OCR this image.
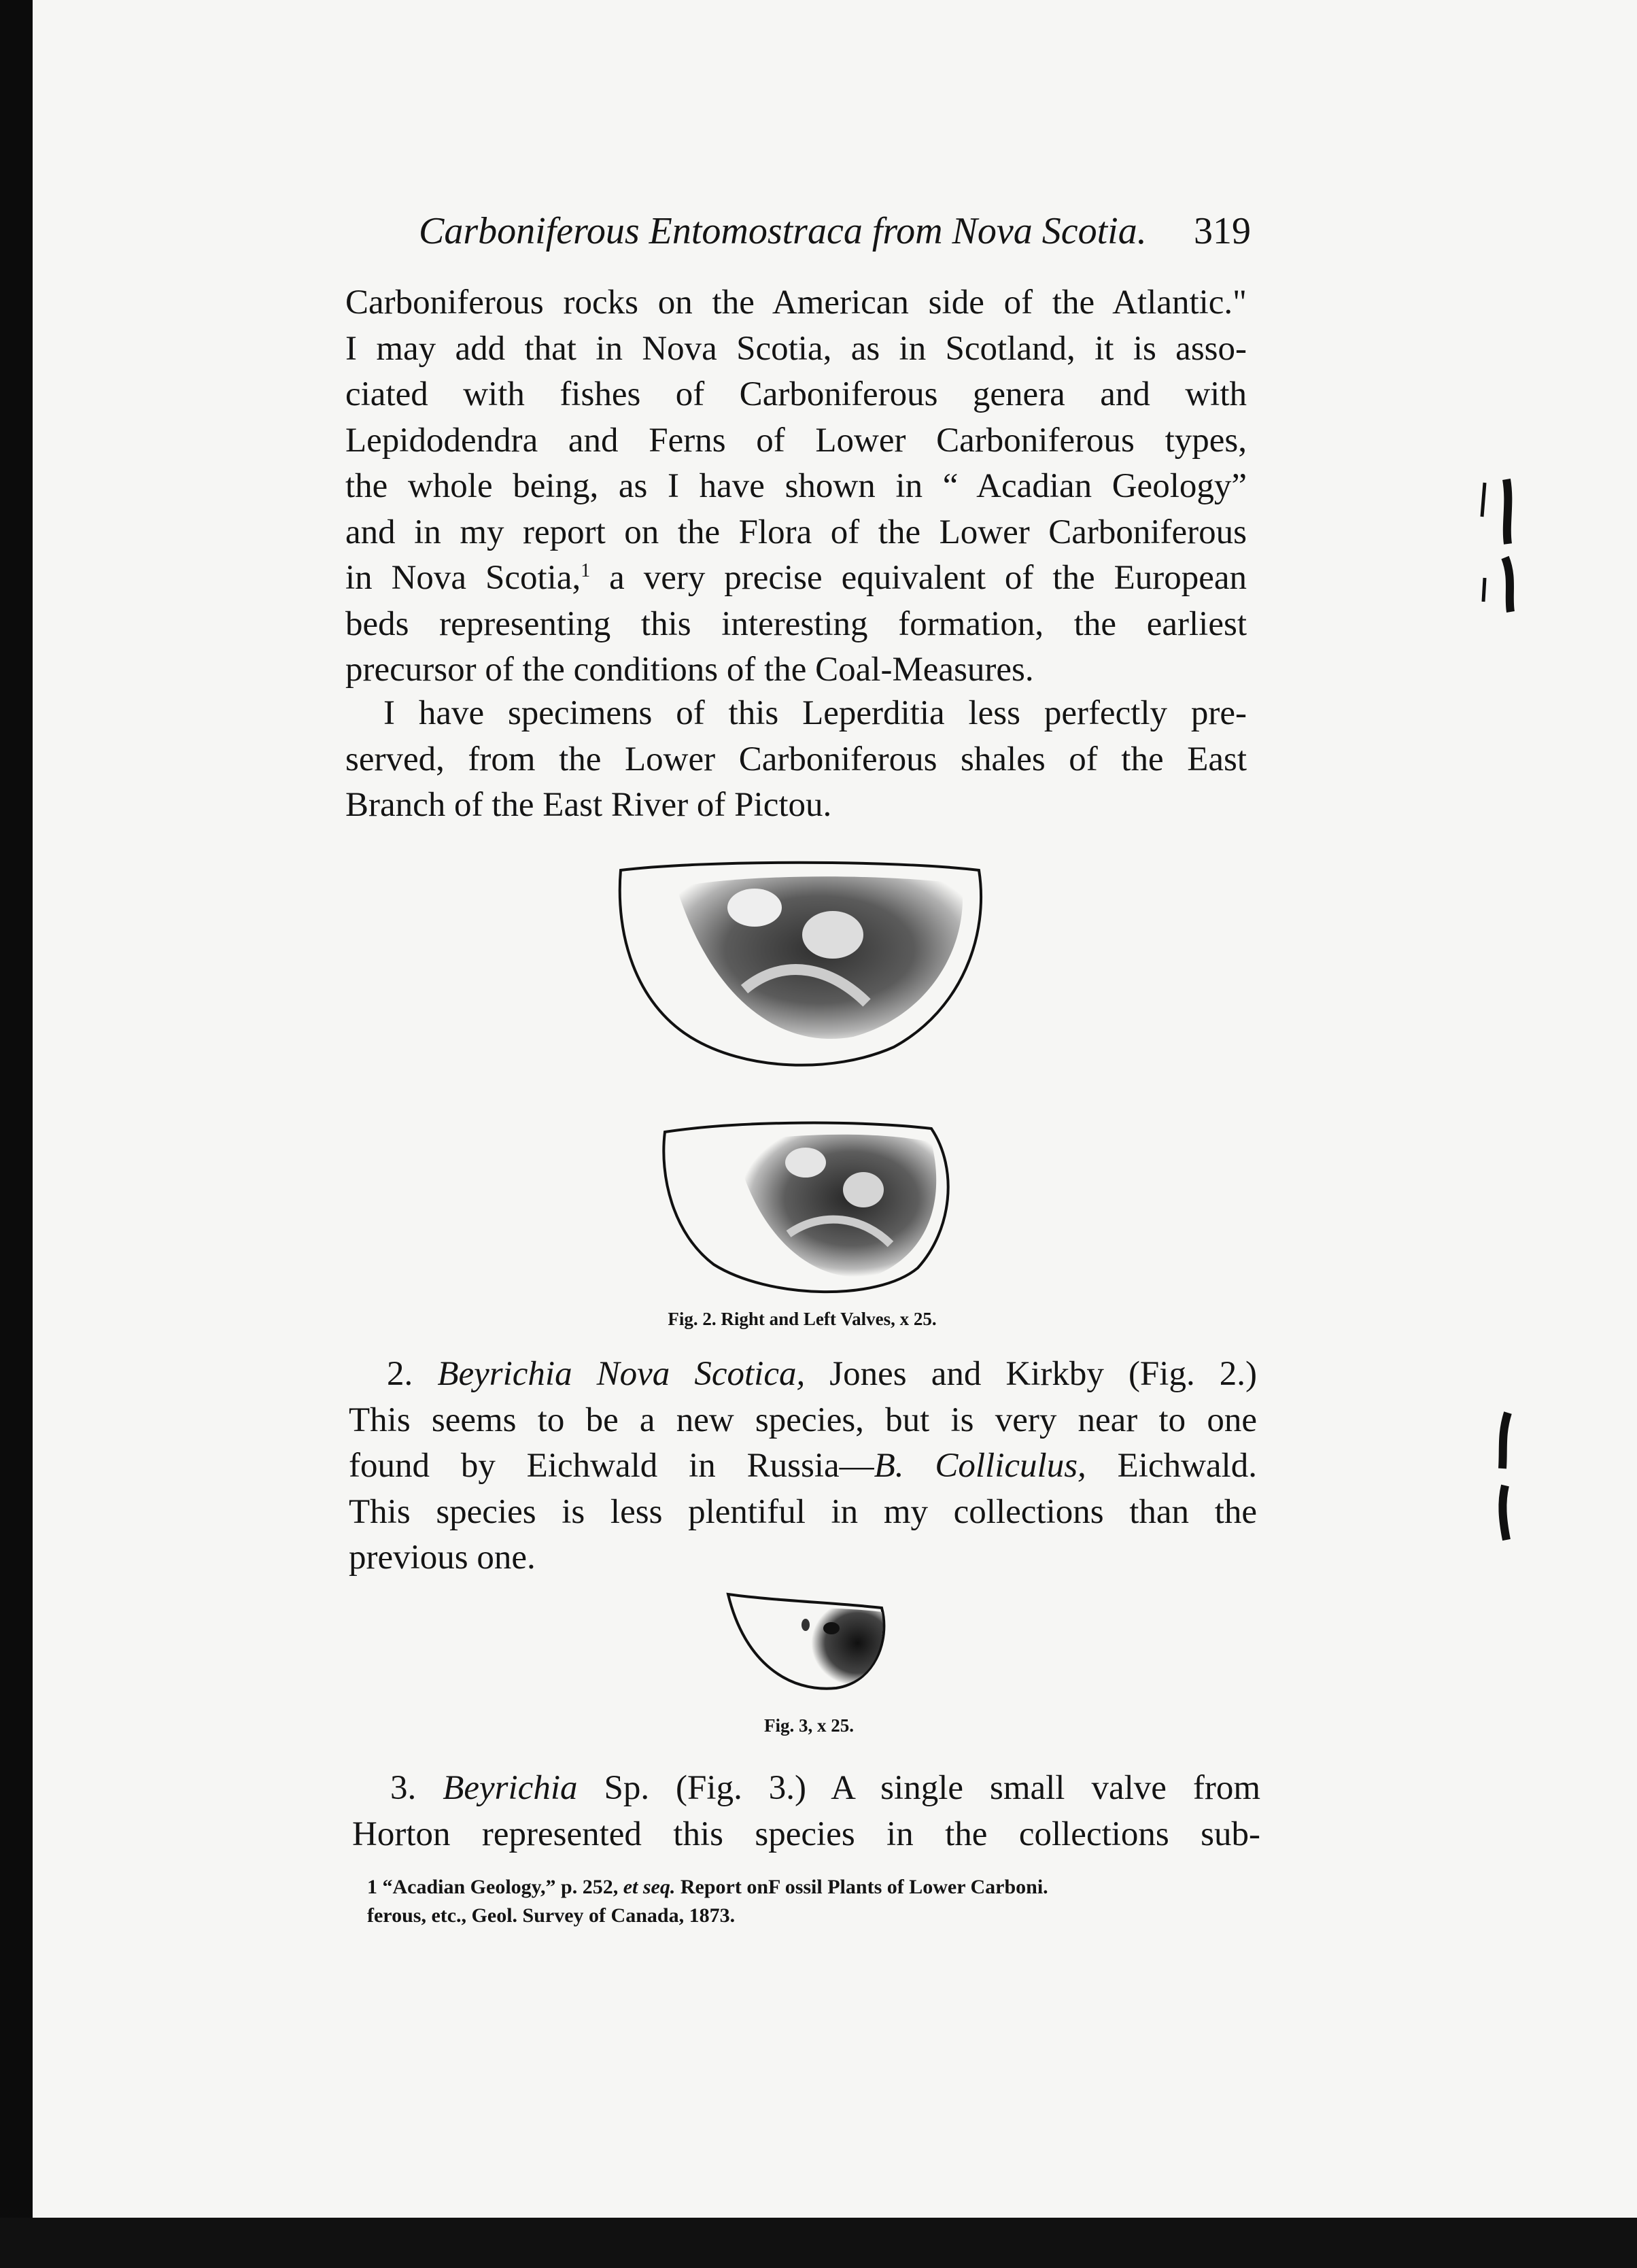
Carboniferous Entomostraca from Nova Scotia. 319
Carboniferous rocks on the American side of the Atlantic."
I may add that in Nova Scotia, as in Scotland, it is asso-
ciated with fishes of Carboniferous genera and with
Lepidodendra and Ferns of Lower Carboniferous types,
the whole being, as I have shown in “ Acadian Geology”
and in my report on the Flora of the Lower Carboniferous
in Nova Scotia,$^1$ a very precise equivalent of the European
beds representing this interesting formation, the earliest
precursor of the conditions of the Coal-Measures.
I have specimens of this Leperditia less perfectly pre-
served, from the Lower Carboniferous shales of the East
Branch of the East River of Pictou.
Fig. 2. Right and Left Valves, x 25.
2. Beyrichia Nova Scotica, Jones and Kirkby (Fig. 2.)
This seems to be a new species, but is very near to one
found by Eichwald in Russia—B. Colliculus, Eichwald.
This species is less plentiful in my collections than the
previous one.
Fig. 3, x 25.
3. Beyrichia Sp. (Fig. 3.) A single small valve from
Horton represented this species in the collections sub-
1 “Acadian Geology,” p. 252, et seq. Report onF ossil Plants of Lower Carboni.
ferous, etc., Geol. Survey of Canada, 1873.
